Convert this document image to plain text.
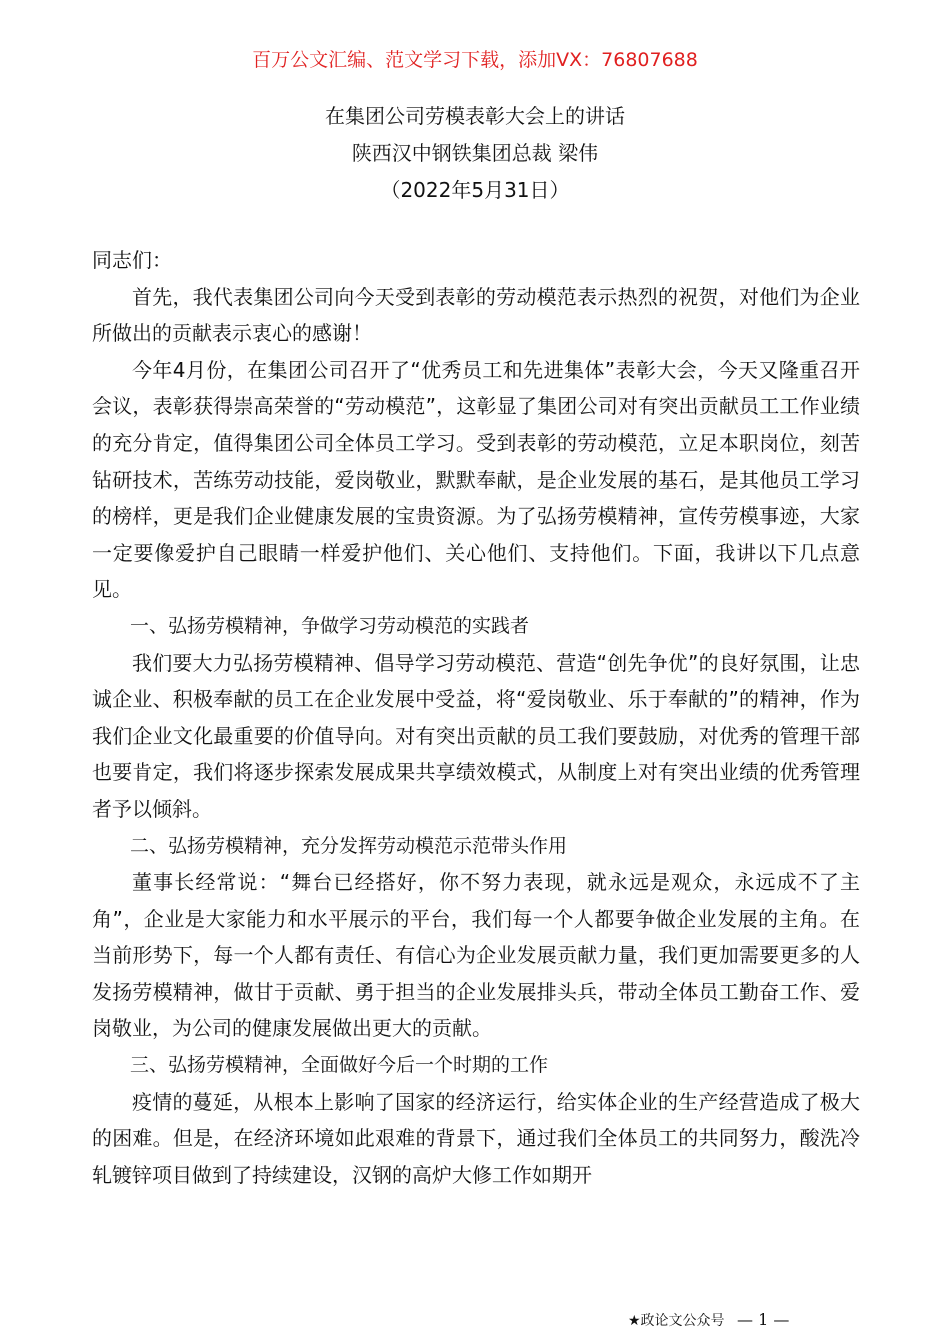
百万公文汇编、范文学习下载，添加VX：76807688
在集团公司劳模表彰大会上的讲话
陕西汉中钢铁集团总裁 梁伟
（2022年5月31日）

同志们：

首先，我代表集团公司向今天受到表彰的劳动模范表示热烈的祝贺，对他们为企业所做出的贡献表示衷心的感谢！

今年4月份，在集团公司召开了“优秀员工和先进集体”表彰大会，今天又隆重召开会议，表彰获得崇高荣誉的“劳动模范”，这彰显了集团公司对有突出贡献员工工作业绩的充分肯定，值得集团公司全体员工学习。受到表彰的劳动模范，立足本职岗位，刻苦钻研技术，苦练劳动技能，爱岗敬业，默默奉献，是企业发展的基石，是其他员工学习的榜样，更是我们企业健康发展的宝贵资源。为了弘扬劳模精神，宣传劳模事迹，大家一定要像爱护自己眼睛一样爱护他们、关心他们、支持他们。下面，我讲以下几点意见。

一、弘扬劳模精神，争做学习劳动模范的实践者

我们要大力弘扬劳模精神、倡导学习劳动模范、营造“创先争优”的良好氛围，让忠诚企业、积极奉献的员工在企业发展中受益，将“爱岗敬业、乐于奉献的”的精神，作为我们企业文化最重要的价值导向。对有突出贡献的员工我们要鼓励，对优秀的管理干部也要肯定，我们将逐步探索发展成果共享绩效模式，从制度上对有突出业绩的优秀管理者予以倾斜。

二、弘扬劳模精神，充分发挥劳动模范示范带头作用

董事长经常说：“舞台已经搭好，你不努力表现，就永远是观众，永远成不了主角”，企业是大家能力和水平展示的平台，我们每一个人都要争做企业发展的主角。在当前形势下，每一个人都有责任、有信心为企业发展贡献力量，我们更加需要更多的人发扬劳模精神，做甘于贡献、勇于担当的企业发展排头兵，带动全体员工勤奋工作、爱岗敬业，为公司的健康发展做出更大的贡献。

三、弘扬劳模精神，全面做好今后一个时期的工作

疫情的蔓延，从根本上影响了国家的经济运行，给实体企业的生产经营造成了极大的困难。但是，在经济环境如此艰难的背景下，通过我们全体员工的共同努力，酸洗冷轧镀锌项目做到了持续建设，汉钢的高炉大修工作如期开

★政论文公众号 — 1 —
